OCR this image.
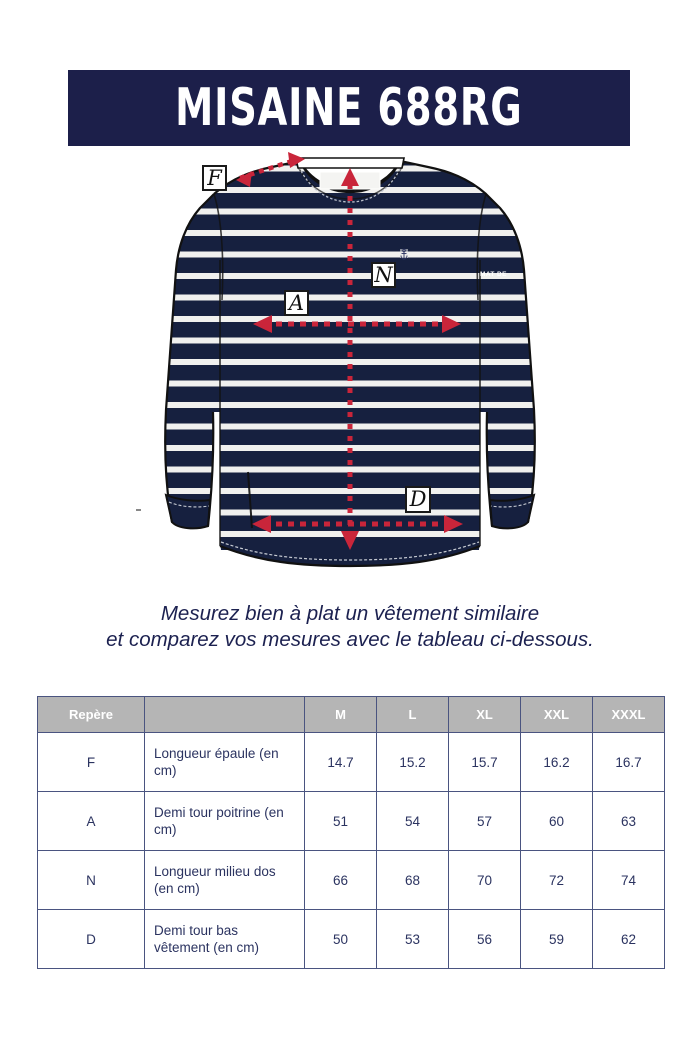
MISAINE 688RG
MAT DE
F
A
N
D
Mesurez bien à plat un vêtement similaire
et comparez vos mesures avec le tableau ci-dessous.
Repère		M	L	XL	XXL	XXXL
F	Longueur épaule (en cm)	14.7	15.2	15.7	16.2	16.7
A	Demi tour poitrine (en cm)	51	54	57	60	63
N	Longueur milieu dos (en cm)	66	68	70	72	74
D	Demi tour bas vêtement (en cm)	50	53	56	59	62
